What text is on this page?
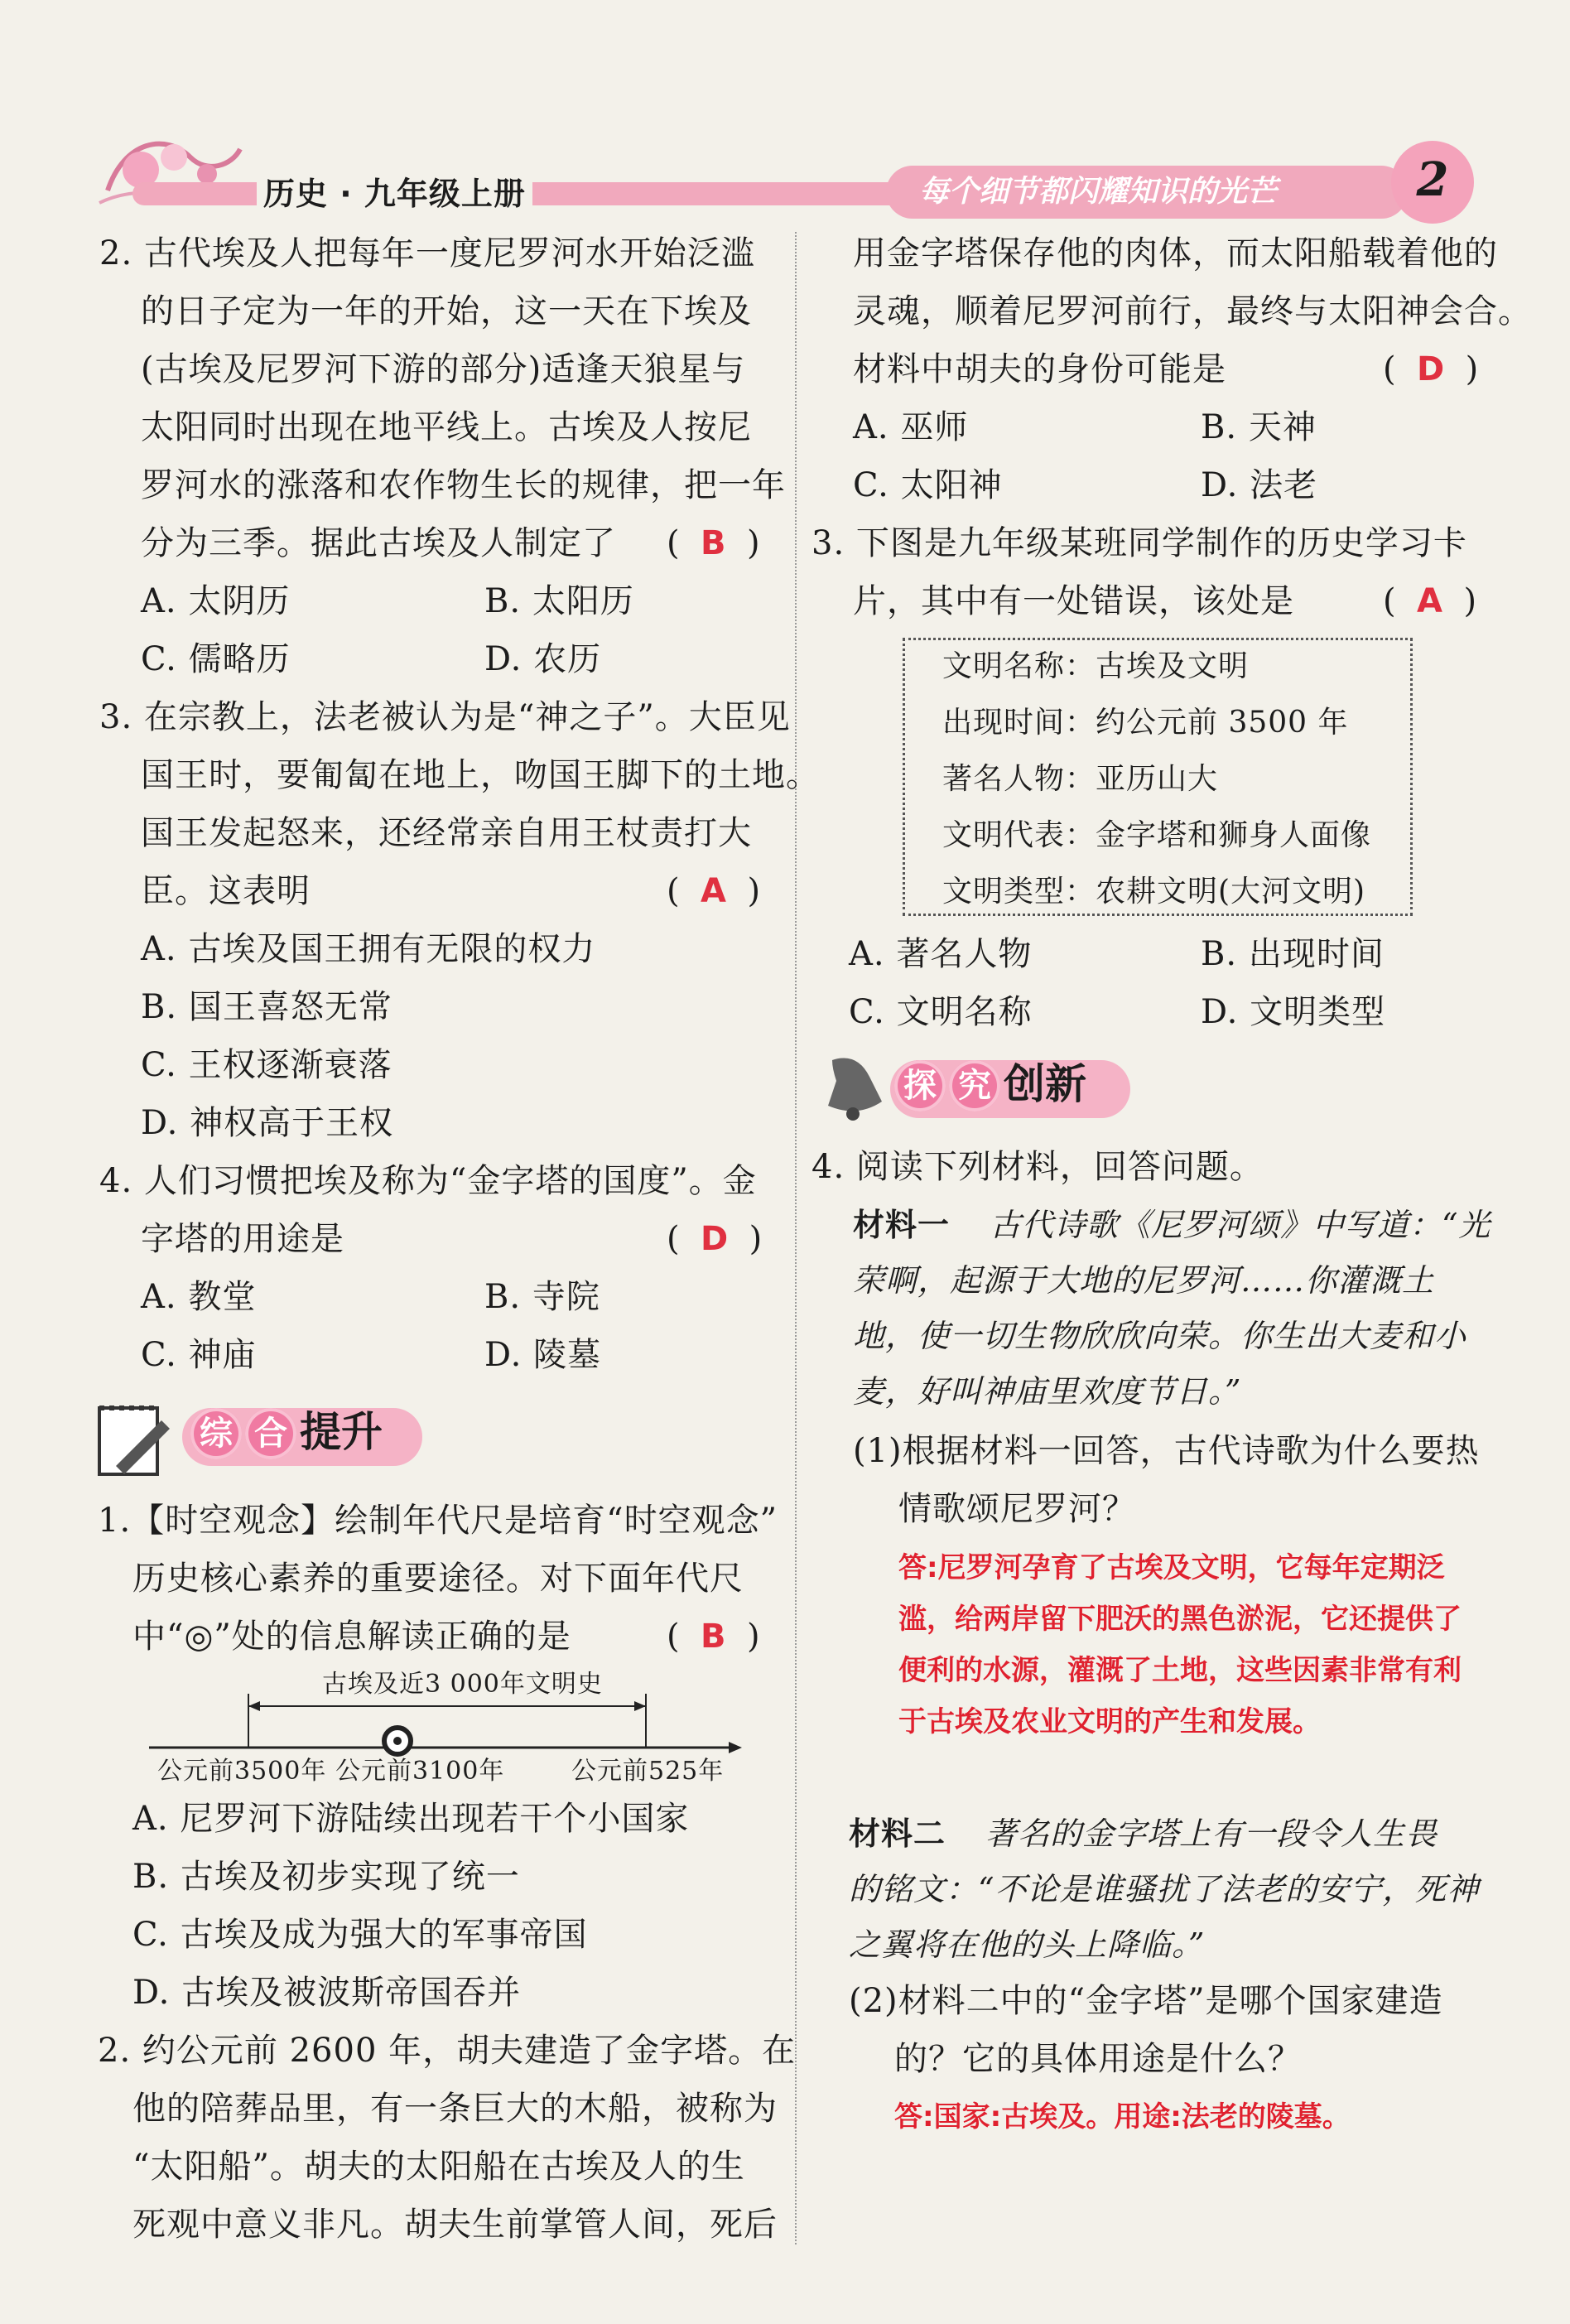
历史 · 九年级上册	每个细节都闪耀知识的光芒	2
2. 古代埃及人把每年一度尼罗河水开始泛滥
的日子定为一年的开始，这一天在下埃及
(古埃及尼罗河下游的部分)适逢天狼星与
太阳同时出现在地平线上。古埃及人按尼
罗河水的涨落和农作物生长的规律，把一年
分为三季。据此古埃及人制定了 (  B  )
A. 太阴历	B. 太阳历
C. 儒略历	D. 农历
3. 在宗教上，法老被认为是“神之子”。大臣见
国王时，要匍匐在地上，吻国王脚下的土地。
国王发起怒来，还经常亲自用王杖责打大
臣。这表明	(  A  )
A. 古埃及国王拥有无限的权力
B. 国王喜怒无常
C. 王权逐渐衰落
D. 神权高于王权
4. 人们习惯把埃及称为“金字塔的国度”。金
字塔的用途是	(  D  )
A. 教堂	B. 寺院
C. 神庙	D. 陵墓
综 合 提升
1.【时空观念】绘制年代尺是培育“时空观念”
历史核心素养的重要途径。对下面年代尺
中“◎”处的信息解读正确的是	(  B  )
古埃及近3 000年文明史
公元前3500年 公元前3100年	公元前525年
A. 尼罗河下游陆续出现若干个小国家
B. 古埃及初步实现了统一
C. 古埃及成为强大的军事帝国
D. 古埃及被波斯帝国吞并
2. 约公元前 2600 年，胡夫建造了金字塔。在
他的陪葬品里，有一条巨大的木船，被称为
“太阳船”。胡夫的太阳船在古埃及人的生
死观中意义非凡。胡夫生前掌管人间，死后
用金字塔保存他的肉体，而太阳船载着他的
灵魂，顺着尼罗河前行，最终与太阳神会合。
材料中胡夫的身份可能是	(  D  )
A. 巫师	B. 天神
C. 太阳神	D. 法老
3. 下图是九年级某班同学制作的历史学习卡
片，其中有一处错误，该处是	(  A  )
文明名称：古埃及文明
出现时间：约公元前 3500 年
著名人物：亚历山大
文明代表：金字塔和狮身人面像
文明类型：农耕文明(大河文明)
A. 著名人物	B. 出现时间
C. 文明名称	D. 文明类型
探 究 创新
4. 阅读下列材料，回答问题。
材料一 古代诗歌《尼罗河颂》中写道：“光
荣啊，起源于大地的尼罗河……你灌溉土
地，使一切生物欣欣向荣。你生出大麦和小
麦，好叫神庙里欢度节日。”
(1)根据材料一回答，古代诗歌为什么要热
情歌颂尼罗河？
答:尼罗河孕育了古埃及文明，它每年定期泛
滥，给两岸留下肥沃的黑色淤泥，它还提供了
便利的水源，灌溉了土地，这些因素非常有利
于古埃及农业文明的产生和发展。
材料二 著名的金字塔上有一段令人生畏
的铭文：“不论是谁骚扰了法老的安宁，死神
之翼将在他的头上降临。”
(2)材料二中的“金字塔”是哪个国家建造
的？它的具体用途是什么？
答:国家:古埃及。用途:法老的陵墓。
